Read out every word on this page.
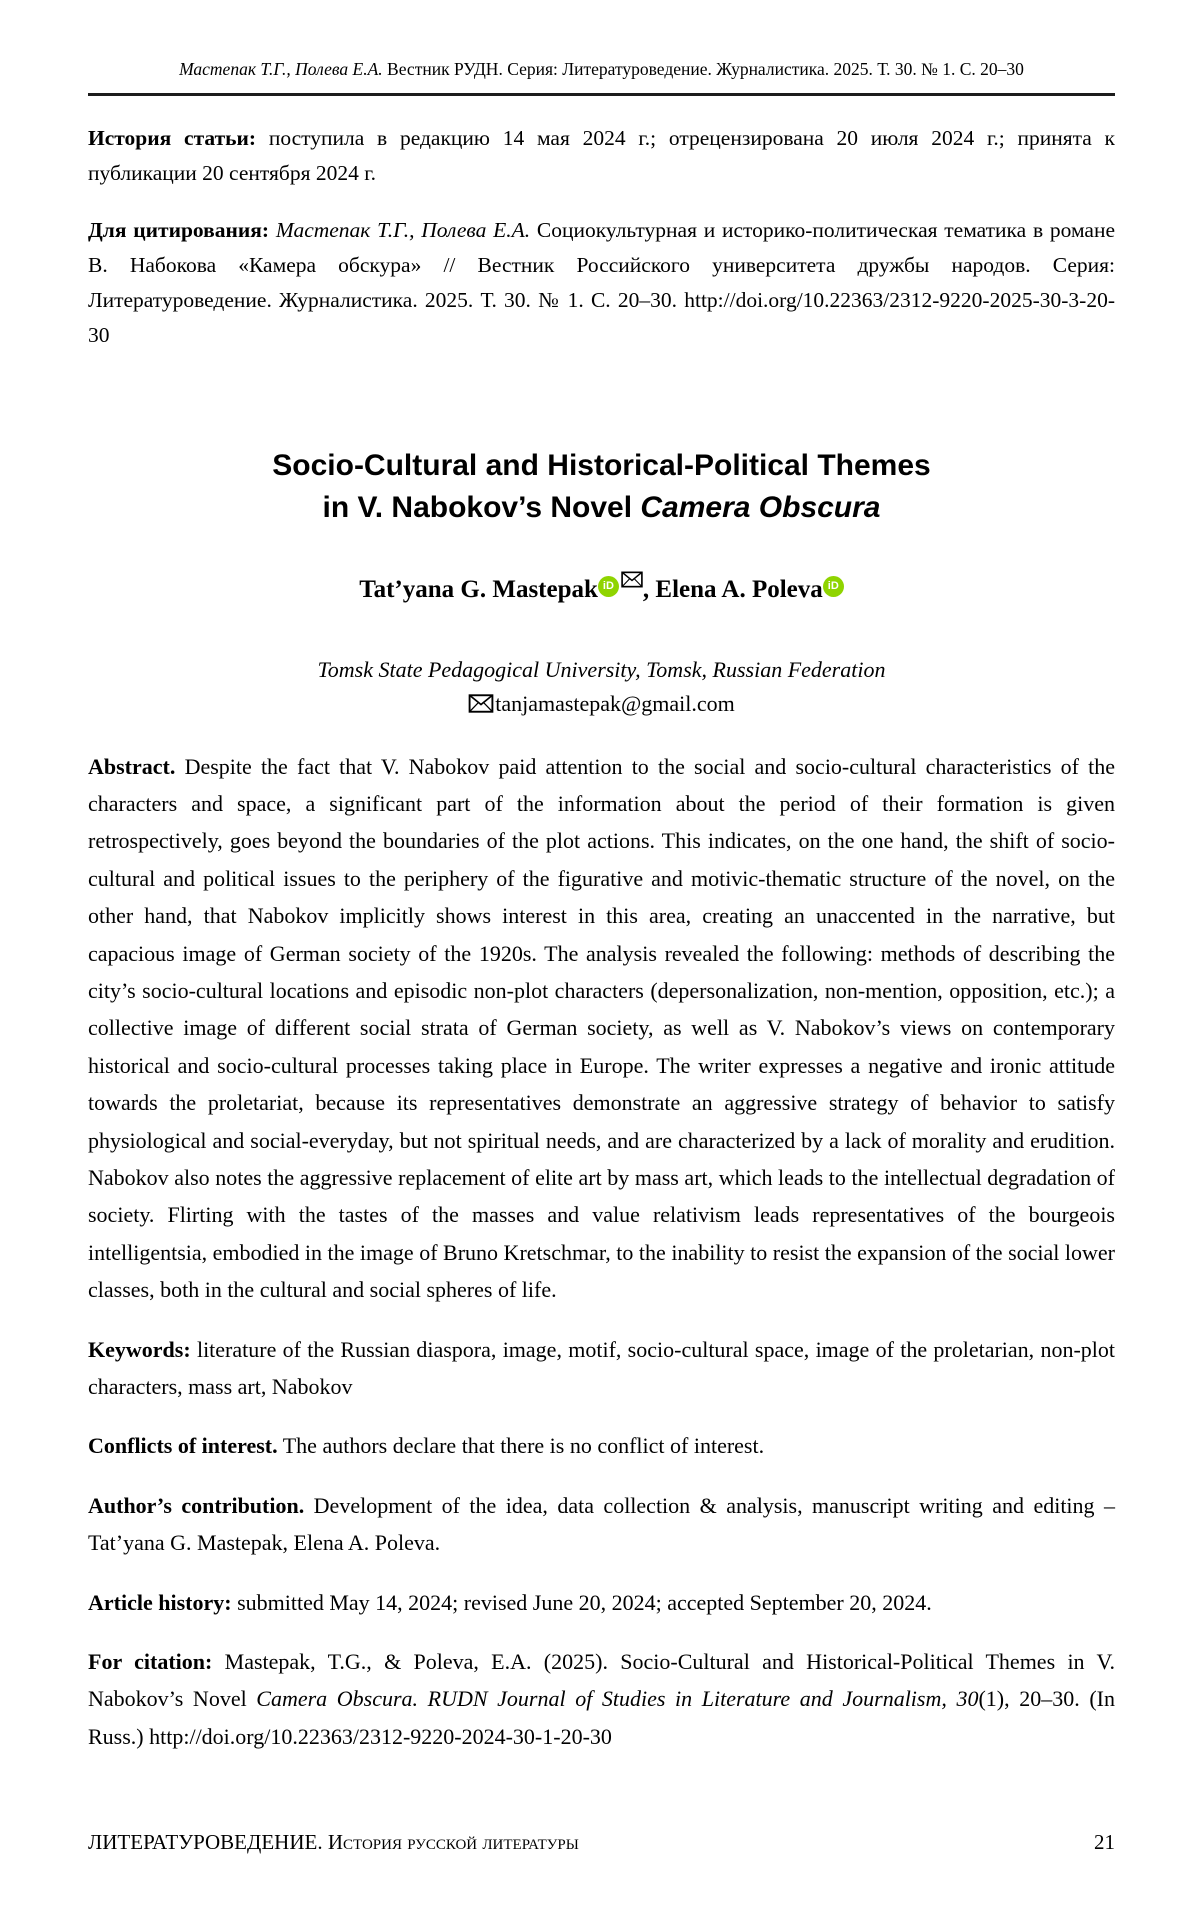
Мастепак Т.Г., Полева Е.А. Вестник РУДН. Серия: Литературоведение. Журналистика. 2025. Т. 30. № 1. С. 20–30

История статьи: поступила в редакцию 14 мая 2024 г.; отрецензирована 20 июля 2024 г.; принята к публикации 20 сентября 2024 г.

Для цитирования: Мастепак Т.Г., Полева Е.А. Социокультурная и историко-политическая тематика в романе В. Набокова «Камера обскура» // Вестник Российского университета дружбы народов. Серия: Литературоведение. Журналистика. 2025. Т. 30. № 1. С. 20–30. http://doi.org/10.22363/2312-9220-2025-30-3-20-30

Socio-Cultural and Historical-Political Themes
in V. Nabokov’s Novel Camera Obscura
Tat’yana G. Mastepak iD , Elena A. Poleva iD
Tomsk State Pedagogical University, Tomsk, Russian Federation
tanjamastepak@gmail.com

Abstract. Despite the fact that V. Nabokov paid attention to the social and socio-cultural characteristics of the characters and space, a significant part of the information about the period of their formation is given retrospectively, goes beyond the boundaries of the plot actions. This indicates, on the one hand, the shift of socio-cultural and political issues to the periphery of the figurative and motivic-thematic structure of the novel, on the other hand, that Nabokov implicitly shows interest in this area, creating an unaccented in the narrative, but capacious image of German society of the 1920s. The analysis revealed the following: methods of describing the city’s socio-cultural locations and episodic non-plot characters (depersonalization, non-mention, opposition, etc.); a collective image of different social strata of German society, as well as V. Nabokov’s views on contemporary historical and socio-cultural processes taking place in Europe. The writer expresses a negative and ironic attitude towards the proletariat, because its representatives demonstrate an aggressive strategy of behavior to satisfy physiological and social-everyday, but not spiritual needs, and are characterized by a lack of morality and erudition. Nabokov also notes the aggressive replacement of elite art by mass art, which leads to the intellectual degradation of society. Flirting with the tastes of the masses and value relativism leads representatives of the bourgeois intelligentsia, embodied in the image of Bruno Kretschmar, to the inability to resist the expansion of the social lower classes, both in the cultural and social spheres of life.

Keywords: literature of the Russian diaspora, image, motif, socio-cultural space, image of the proletarian, non-plot characters, mass art, Nabokov

Conflicts of interest. The authors declare that there is no conflict of interest.

Author’s contribution. Development of the idea, data collection & analysis, manuscript writing and editing – Tat’yana G. Mastepak, Elena A. Poleva.

Article history: submitted May 14, 2024; revised June 20, 2024; accepted September 20, 2024.

For citation: Mastepak, T.G., & Poleva, E.A. (2025). Socio-Cultural and Historical-Political Themes in V. Nabokov’s Novel Camera Obscura. RUDN Journal of Studies in Literature and Journalism, 30(1), 20–30. (In Russ.) http://doi.org/10.22363/2312-9220-2024-30-1-20-30

ЛИТЕРАТУРОВЕДЕНИЕ. История русской литературы	21
